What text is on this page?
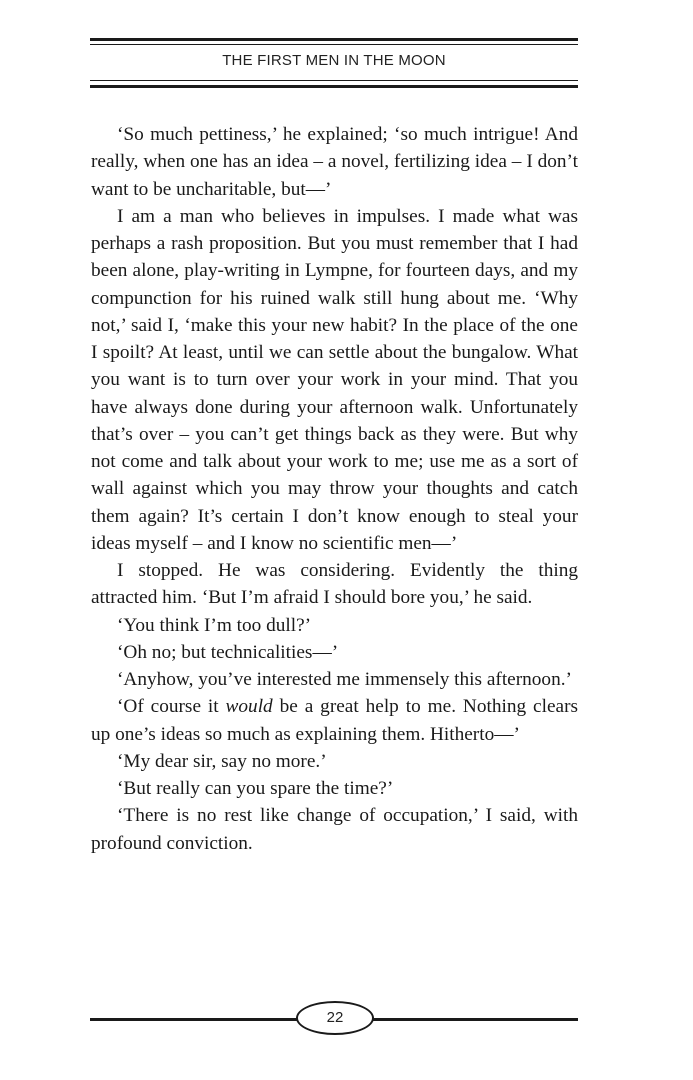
THE FIRST MEN IN THE MOON

‘So much pettiness,’ he explained; ‘so much intrigue! And really, when one has an idea – a novel, fertilizing idea – I don’t want to be uncharitable, but—’

I am a man who believes in impulses. I made what was perhaps a rash proposition. But you must remember that I had been alone, play-writing in Lympne, for fourteen days, and my compunction for his ruined walk still hung about me. ‘Why not,’ said I, ‘make this your new habit? In the place of the one I spoilt? At least, until we can settle about the bungalow. What you want is to turn over your work in your mind. That you have always done during your afternoon walk. Unfortunately that’s over – you can’t get things back as they were. But why not come and talk about your work to me; use me as a sort of wall against which you may throw your thoughts and catch them again? It’s certain I don’t know enough to steal your ideas myself – and I know no scientific men—’

I stopped. He was considering. Evidently the thing attracted him. ‘But I’m afraid I should bore you,’ he said.

‘You think I’m too dull?’

‘Oh no; but technicalities—’

‘Anyhow, you’ve interested me immensely this afternoon.’

‘Of course it would be a great help to me. Nothing clears up one’s ideas so much as explaining them. Hitherto—’

‘My dear sir, say no more.’

‘But really can you spare the time?’

‘There is no rest like change of occupation,’ I said, with profound conviction.

22
